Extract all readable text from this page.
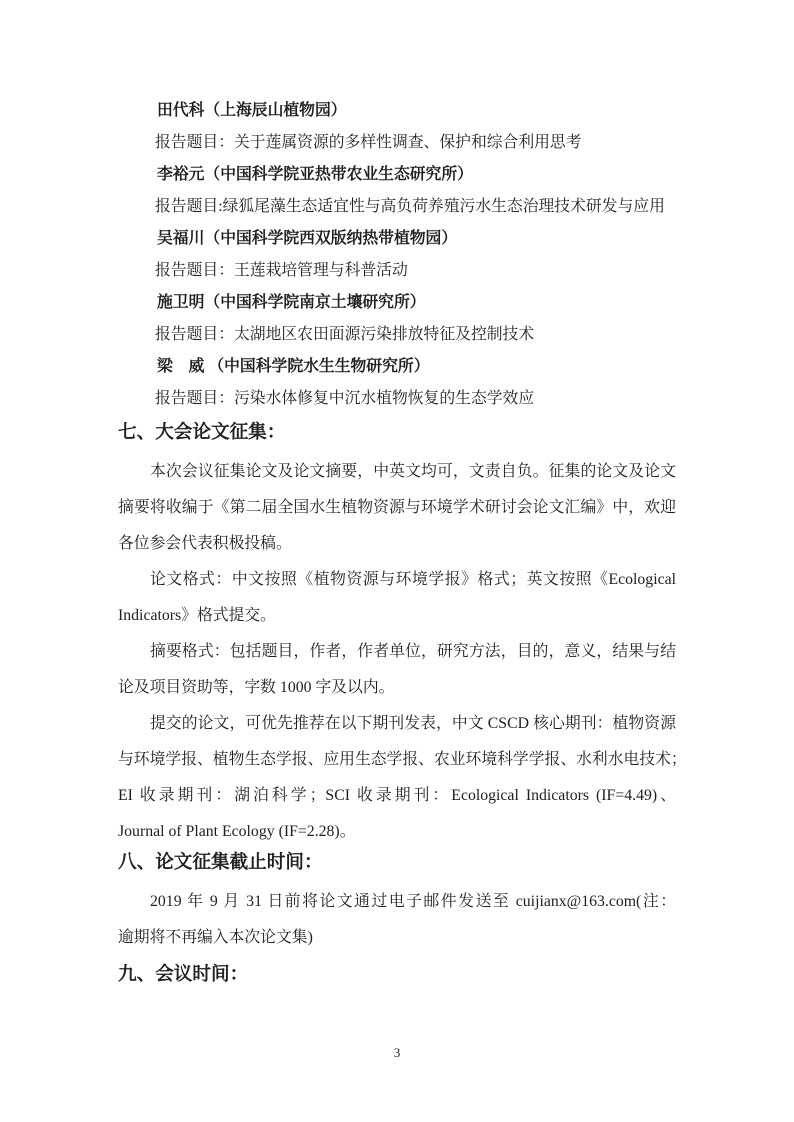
田代科（上海辰山植物园）

报告题目：关于莲属资源的多样性调查、保护和综合利用思考

李裕元（中国科学院亚热带农业生态研究所）

报告题目:绿狐尾藻生态适宜性与高负荷养殖污水生态治理技术研发与应用

吴福川（中国科学院西双版纳热带植物园）

报告题目：王莲栽培管理与科普活动

施卫明（中国科学院南京土壤研究所）

报告题目：太湖地区农田面源污染排放特征及控制技术

梁　威 （中国科学院水生生物研究所）

报告题目：污染水体修复中沉水植物恢复的生态学效应

七、大会论文征集：

本次会议征集论文及论文摘要，中英文均可，文责自负。征集的论文及论文

摘要将收编于《第二届全国水生植物资源与环境学术研讨会论文汇编》中，欢迎

各位参会代表积极投稿。

论文格式：中文按照《植物资源与环境学报》格式；英文按照《Ecological

Indicators》格式提交。

摘要格式：包括题目，作者，作者单位，研究方法，目的，意义，结果与结

论及项目资助等，字数 1000 字及以内。

提交的论文，可优先推荐在以下期刊发表，中文 CSCD 核心期刊：植物资源

与环境学报、植物生态学报、应用生态学报、农业环境科学学报、水利水电技术；

EI 收录期刊：湖泊科学；SCI 收录期刊：Ecological Indicators (IF=4.49)、

Journal of Plant Ecology (IF=2.28)。

八、论文征集截止时间：

2019 年 9 月 31 日前将论文通过电子邮件发送至 cuijianx@163.com(注：

逾期将不再编入本次论文集)

九、会议时间：
3
